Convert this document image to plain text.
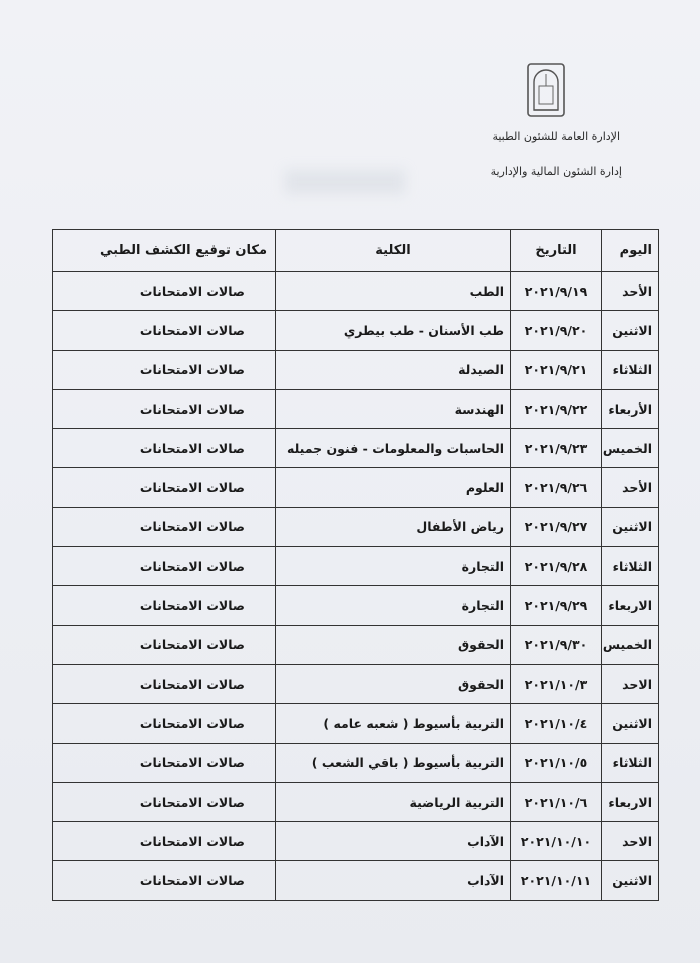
الإدارة العامة للشئون الطبية
إدارة الشئون المالية والإدارية
اليوم	التاريخ	الكلية	مكان توقيع الكشف الطبي
الأحد	٢٠٢١/٩/١٩	الطب	صالات الامتحانات
الاثنين	٢٠٢١/٩/٢٠	طب الأسنان - طب بيطري	صالات الامتحانات
الثلاثاء	٢٠٢١/٩/٢١	الصيدلة	صالات الامتحانات
الأربعاء	٢٠٢١/٩/٢٢	الهندسة	صالات الامتحانات
الخميس	٢٠٢١/٩/٢٣	الحاسبات والمعلومات - فنون جميله	صالات الامتحانات
الأحد	٢٠٢١/٩/٢٦	العلوم	صالات الامتحانات
الاثنين	٢٠٢١/٩/٢٧	رياض الأطفال	صالات الامتحانات
الثلاثاء	٢٠٢١/٩/٢٨	التجارة	صالات الامتحانات
الاربعاء	٢٠٢١/٩/٢٩	التجارة	صالات الامتحانات
الخميس	٢٠٢١/٩/٣٠	الحقوق	صالات الامتحانات
الاحد	٢٠٢١/١٠/٣	الحقوق	صالات الامتحانات
الاثنين	٢٠٢١/١٠/٤	التربية بأسيوط ( شعبه عامه )	صالات الامتحانات
الثلاثاء	٢٠٢١/١٠/٥	التربية بأسيوط ( باقي الشعب )	صالات الامتحانات
الاربعاء	٢٠٢١/١٠/٦	التربية الرياضية	صالات الامتحانات
الاحد	٢٠٢١/١٠/١٠	الآداب	صالات الامتحانات
الاثنين	٢٠٢١/١٠/١١	الآداب	صالات الامتحانات
